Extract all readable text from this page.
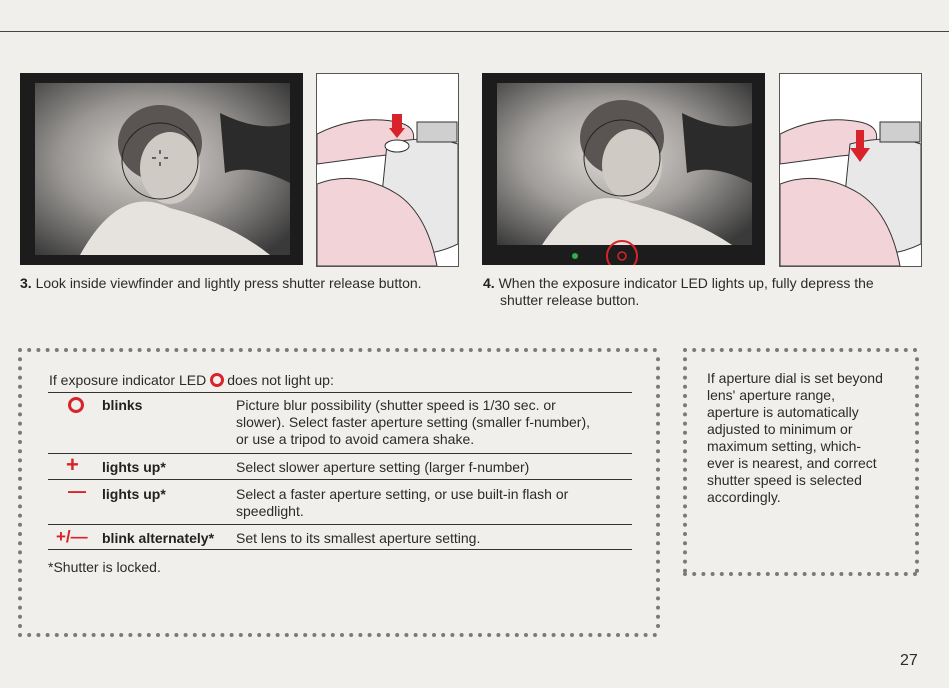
3. Look inside viewfinder and lightly press shutter release button.	4. When the exposure indicator LED lights up, fully depress the
shutter release button.
If exposure indicator LED does not light up:
blinks	Picture blur possibility (shutter speed is 1/30 sec. or
slower). Select faster aperture setting (smaller f-number),
or use a tripod to avoid camera shake.
+ lights up*	Select slower aperture setting (larger f-number)
— lights up*	Select a faster aperture setting, or use built-in flash or
speedlight.
+/— blink alternately* Set lens to its smallest aperture setting.
*Shutter is locked.
If aperture dial is set beyond
lens' aperture range,
aperture is automatically
adjusted to minimum or
maximum setting, which-
ever is nearest, and correct
shutter speed is selected
accordingly.
27
